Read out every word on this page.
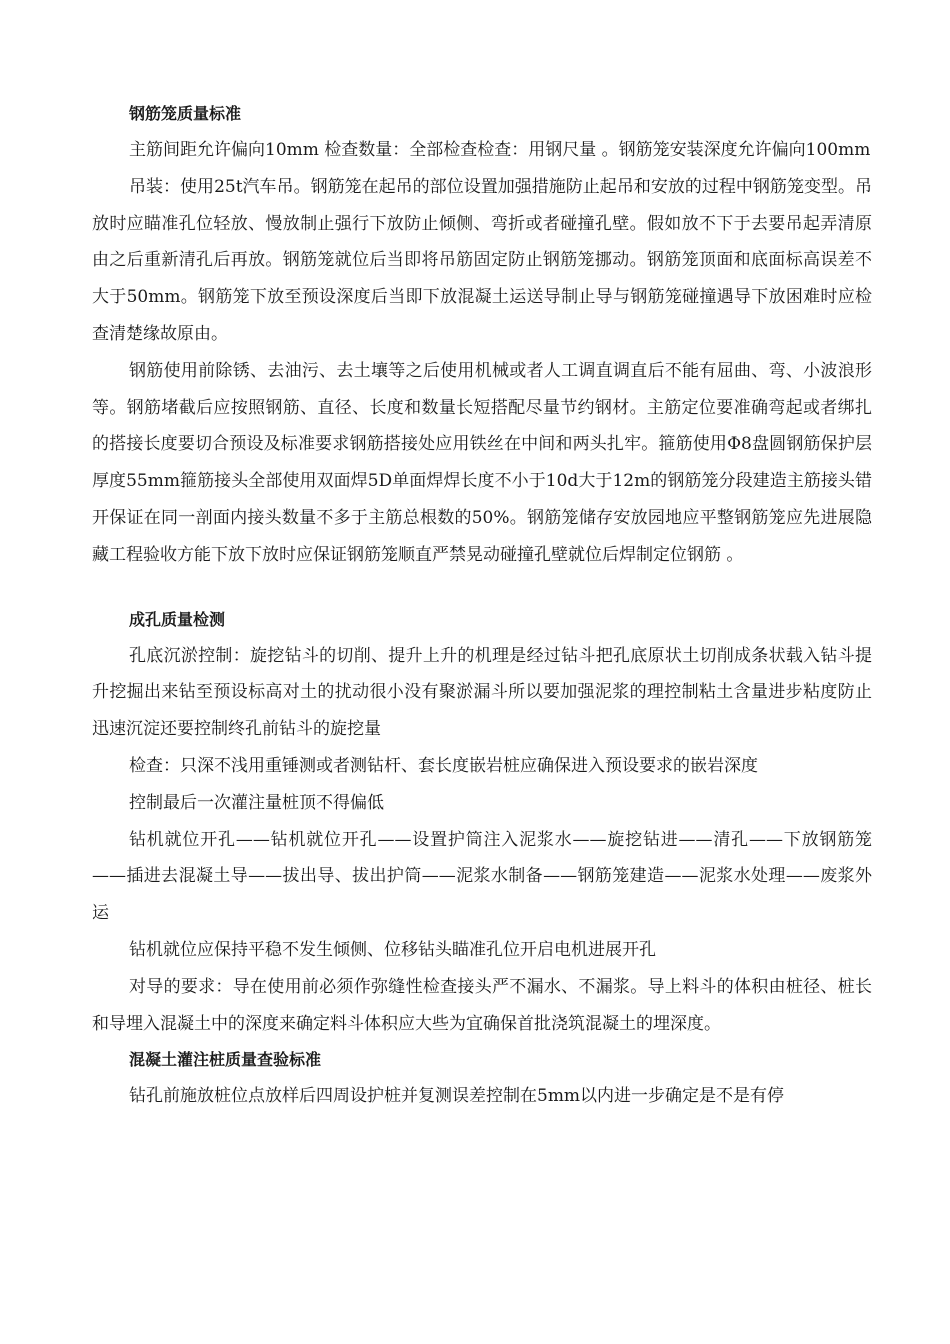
钢筋笼质量标准

主筋间距允许偏向10mm 检查数量：全部检查检查：用钢尺量 。钢筋笼安装深度允许偏向100mm

吊装：使用25t汽车吊。钢筋笼在起吊的部位设置加强措施防止起吊和安放的过程中钢筋笼变型。吊放时应瞄准孔位轻放、慢放制止强行下放防止倾侧、弯折或者碰撞孔壁。假如放不下于去要吊起弄清原由之后重新清孔后再放。钢筋笼就位后当即将吊筋固定防止钢筋笼挪动。钢筋笼顶面和底面标高误差不大于50mm。钢筋笼下放至预设深度后当即下放混凝土运送导制止导与钢筋笼碰撞遇导下放困难时应检查清楚缘故原由。

钢筋使用前除锈、去油污、去土壤等之后使用机械或者人工调直调直后不能有屈曲、弯、小波浪形等。钢筋堵截后应按照钢筋、直径、长度和数量长短搭配尽量节约钢材。主筋定位要准确弯起或者绑扎的搭接长度要切合预设及标准要求钢筋搭接处应用铁丝在中间和两头扎牢。箍筋使用Φ8盘圆钢筋保护层厚度55mm箍筋接头全部使用双面焊5D单面焊焊长度不小于10d大于12m的钢筋笼分段建造主筋接头错开保证在同一剖面内接头数量不多于主筋总根数的50%。钢筋笼储存安放园地应平整钢筋笼应先进展隐藏工程验收方能下放下放时应保证钢筋笼顺直严禁晃动碰撞孔壁就位后焊制定位钢筋 。

成孔质量检测

孔底沉淤控制：旋挖钻斗的切削、提升上升的机理是经过钻斗把孔底原状土切削成条状载入钻斗提升挖掘出来钻至预设标高对土的扰动很小没有聚淤漏斗所以要加强泥浆的理控制粘土含量进步粘度防止迅速沉淀还要控制终孔前钻斗的旋挖量

检查：只深不浅用重锤测或者测钻杆、套长度嵌岩桩应确保进入预设要求的嵌岩深度
控制最后一次灌注量桩顶不得偏低

钻机就位开孔——钻机就位开孔——设置护筒注入泥浆水——旋挖钻进——清孔——下放钢筋笼——插进去混凝土导——拔出导、拔出护筒——泥浆水制备——钢筋笼建造——泥浆水处理——废浆外运

钻机就位应保持平稳不发生倾侧、位移钻头瞄准孔位开启电机进展开孔

对导的要求：导在使用前必须作弥缝性检查接头严不漏水、不漏浆。导上料斗的体积由桩径、桩长和导埋入混凝土中的深度来确定料斗体积应大些为宜确保首批浇筑混凝土的埋深度。

混凝土灌注桩质量查验标准

钻孔前施放桩位点放样后四周设护桩并复测误差控制在5mm以内进一步确定是不是有停
